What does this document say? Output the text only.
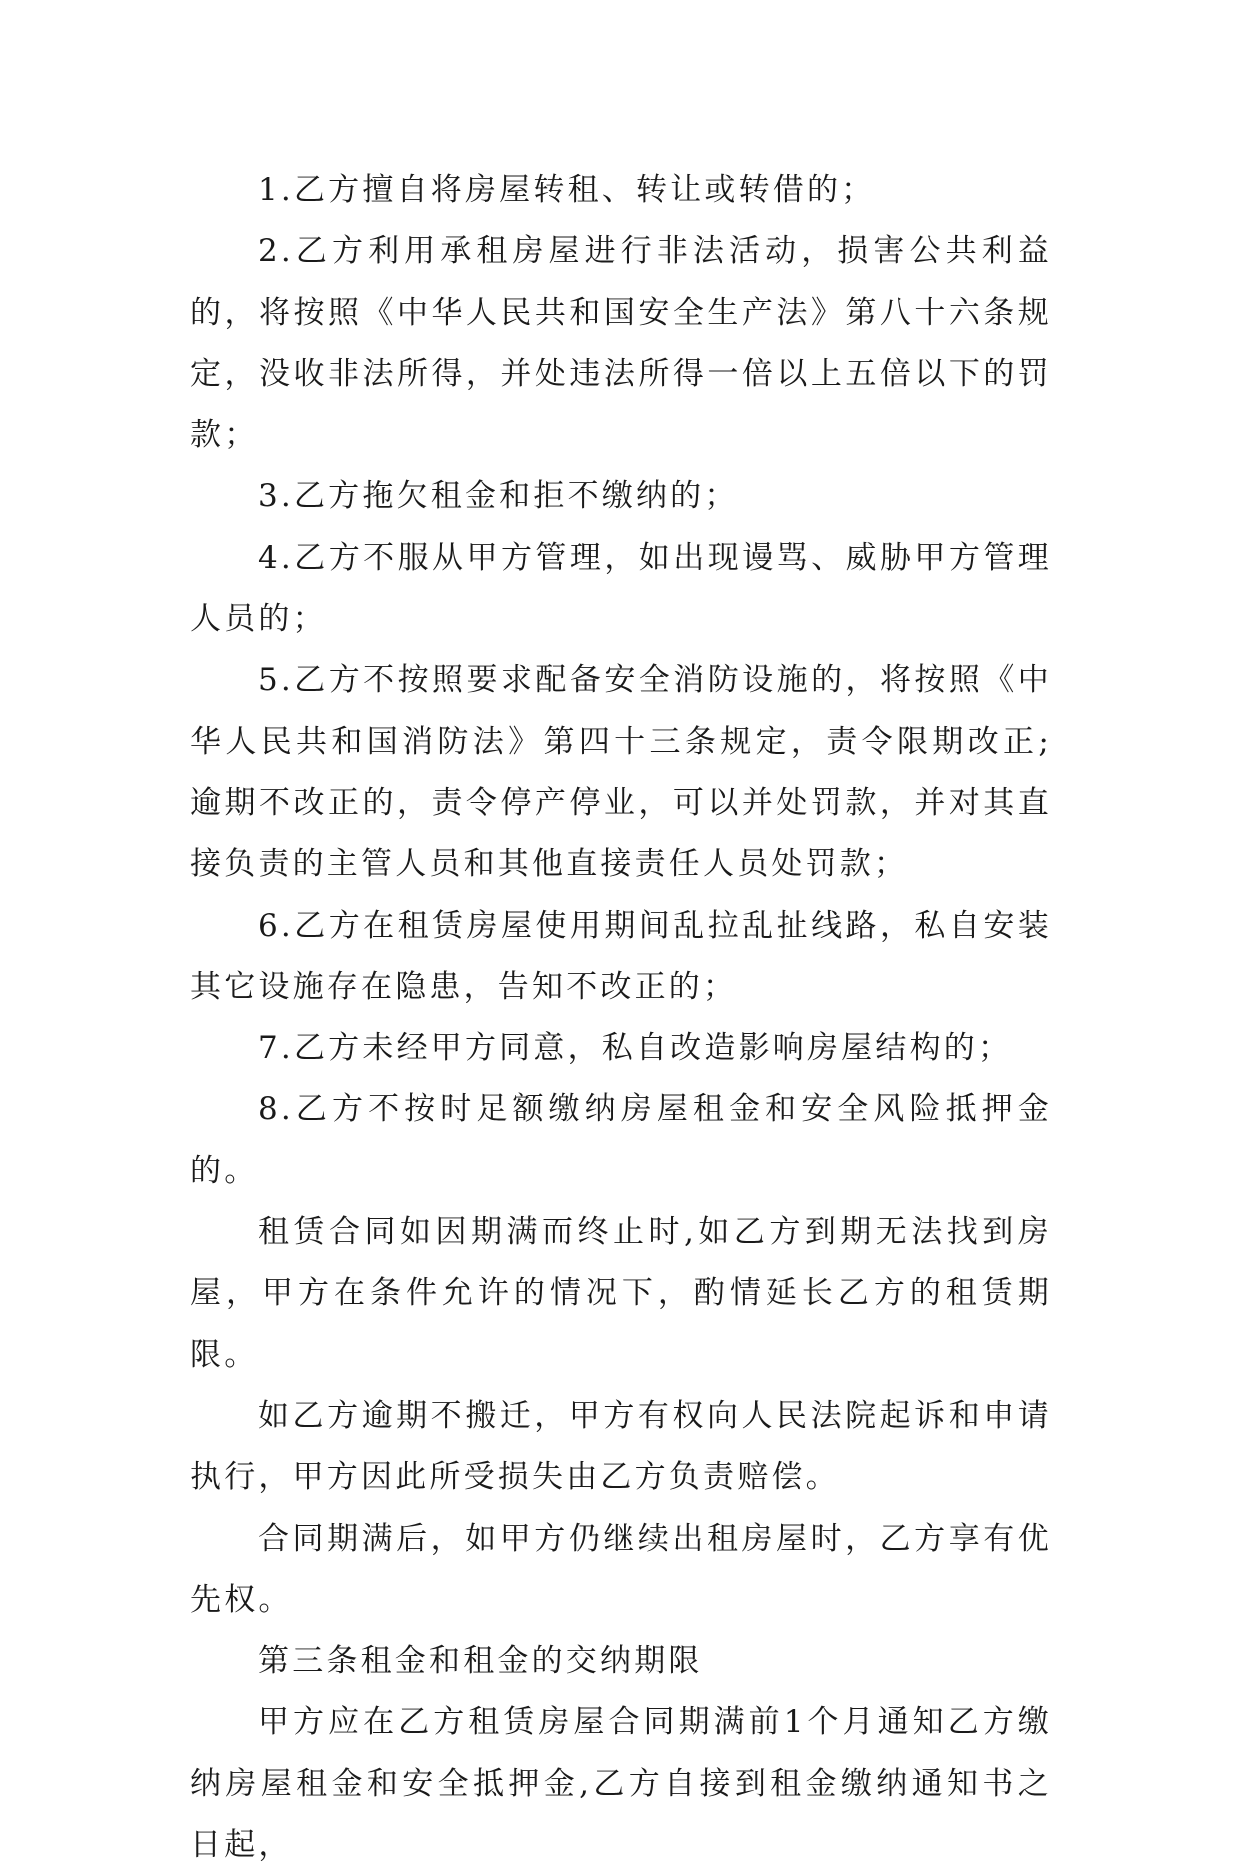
1.乙方擅自将房屋转租、转让或转借的；

2.乙方利用承租房屋进行非法活动，损害公共利益的，将按照《中华人民共和国安全生产法》第八十六条规定，没收非法所得，并处违法所得一倍以上五倍以下的罚款；

3.乙方拖欠租金和拒不缴纳的；

4.乙方不服从甲方管理，如出现谩骂、威胁甲方管理人员的；

5.乙方不按照要求配备安全消防设施的，将按照《中华人民共和国消防法》第四十三条规定，责令限期改正;逾期不改正的，责令停产停业，可以并处罚款，并对其直接负责的主管人员和其他直接责任人员处罚款；

6.乙方在租赁房屋使用期间乱拉乱扯线路，私自安装其它设施存在隐患，告知不改正的；

7.乙方未经甲方同意，私自改造影响房屋结构的；

8.乙方不按时足额缴纳房屋租金和安全风险抵押金的。

租赁合同如因期满而终止时,如乙方到期无法找到房屋，甲方在条件允许的情况下，酌情延长乙方的租赁期限。

如乙方逾期不搬迁，甲方有权向人民法院起诉和申请执行，甲方因此所受损失由乙方负责赔偿。

合同期满后，如甲方仍继续出租房屋时，乙方享有优先权。

第三条租金和租金的交纳期限

甲方应在乙方租赁房屋合同期满前1个月通知乙方缴纳房屋租金和安全抵押金,乙方自接到租金缴纳通知书之日起，
